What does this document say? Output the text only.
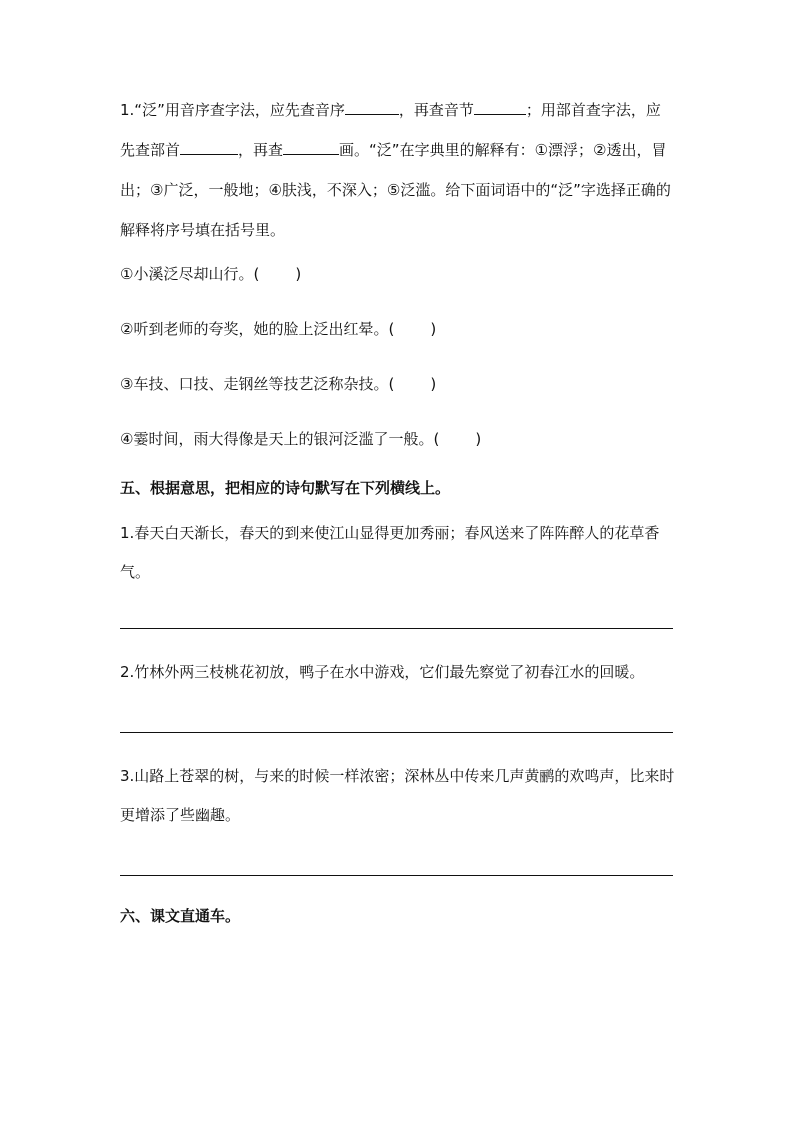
1.“泛”用音序查字法，应先查音序	，再查音节	；用部首查字法，应先查部首	，再查	画。“泛”在字典里的解释有：①漂浮；②透出，冒出；③广泛，一般地；④肤浅，不深入；⑤泛滥。给下面词语中的“泛”字选择正确的解释将序号填在括号里。

①小溪泛尽却山行。( )

②听到老师的夸奖，她的脸上泛出红晕。( )

③车技、口技、走钢丝等技艺泛称杂技。( )

④霎时间，雨大得像是天上的银河泛滥了一般。( )

五、根据意思，把相应的诗句默写在下列横线上。

1.春天白天渐长，春天的到来使江山显得更加秀丽；春风送来了阵阵醉人的花草香气。

2.竹林外两三枝桃花初放，鸭子在水中游戏，它们最先察觉了初春江水的回暖。

3.山路上苍翠的树，与来的时候一样浓密；深林丛中传来几声黄鹂的欢鸣声，比来时更增添了些幽趣。

六、课文直通车。
